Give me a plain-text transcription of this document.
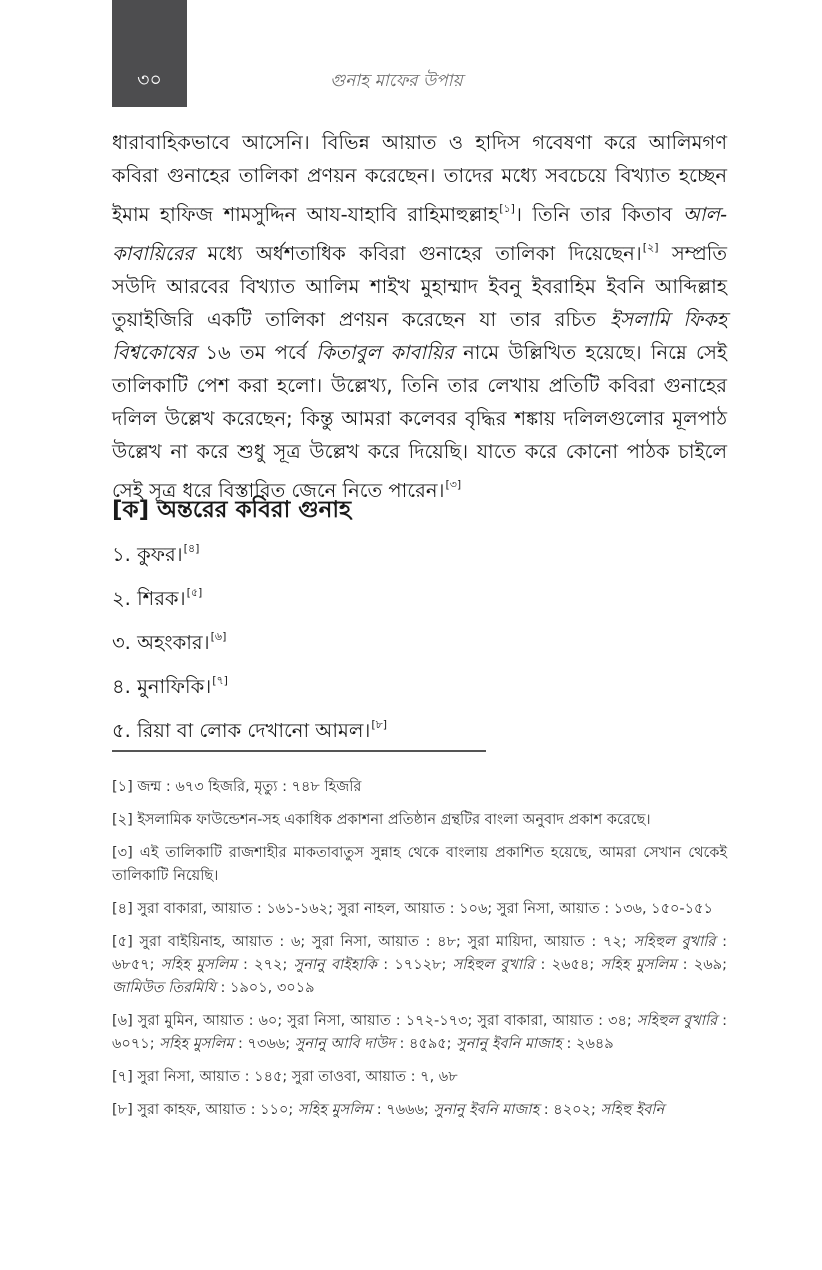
৩০	গুনাহ মাফের উপায়

ধারাবাহিকভাবে আসেনি। বিভিন্ন আয়াত ও হাদিস গবেষণা করে আলিমগণ কবিরা গুনাহের তালিকা প্রণয়ন করেছেন। তাদের মধ্যে সবচেয়ে বিখ্যাত হচ্ছেন ইমাম হাফিজ শামসুদ্দিন আয-যাহাবি রাহিমাহুল্লাহ[১]। তিনি তার কিতাব আল-কাবায়িরের মধ্যে অর্ধশতাধিক কবিরা গুনাহের তালিকা দিয়েছেন।[২] সম্প্রতি সউদি আরবের বিখ্যাত আলিম শাইখ মুহাম্মাদ ইবনু ইবরাহিম ইবনি আব্দিল্লাহ তুয়াইজিরি একটি তালিকা প্রণয়ন করেছেন যা তার রচিত ইসলামি ফিকহ বিশ্বকোষের ১৬ তম পর্বে কিতাবুল কাবায়ির নামে উল্লিখিত হয়েছে। নিম্নে সেই তালিকাটি পেশ করা হলো। উল্লেখ্য, তিনি তার লেখায় প্রতিটি কবিরা গুনাহের দলিল উল্লেখ করেছেন; কিন্তু আমরা কলেবর বৃদ্ধির শঙ্কায় দলিলগুলোর মূলপাঠ উল্লেখ না করে শুধু সূত্র উল্লেখ করে দিয়েছি। যাতে করে কোনো পাঠক চাইলে সেই সূত্র ধরে বিস্তারিত জেনে নিতে পারেন।[৩]

[ক] অন্তরের কবিরা গুনাহ
১. কুফর।[৪]
২. শিরক।[৫]
৩. অহংকার।[৬]
৪. মুনাফিকি।[৭]
৫. রিয়া বা লোক দেখানো আমল।[৮]

[১] জন্ম : ৬৭৩ হিজরি, মৃত্যু : ৭৪৮ হিজরি

[২] ইসলামিক ফাউন্ডেশন-সহ একাধিক প্রকাশনা প্রতিষ্ঠান গ্রন্থটির বাংলা অনুবাদ প্রকাশ করেছে।

[৩] এই তালিকাটি রাজশাহীর মাকতাবাতুস সুন্নাহ থেকে বাংলায় প্রকাশিত হয়েছে, আমরা সেখান থেকেই তালিকাটি নিয়েছি।

[৪] সুরা বাকারা, আয়াত : ১৬১-১৬২; সুরা নাহল, আয়াত : ১০৬; সুরা নিসা, আয়াত : ১৩৬, ১৫০-১৫১

[৫] সুরা বাইয়িনাহ, আয়াত : ৬; সুরা নিসা, আয়াত : ৪৮; সুরা মায়িদা, আয়াত : ৭২; সহিহুল বুখারি : ৬৮৫৭; সহিহ মুসলিম : ২৭২; সুনানু বাইহাকি : ১৭১২৮; সহিহুল বুখারি : ২৬৫৪; সহিহ মুসলিম : ২৬৯; জামিউত তিরমিযি : ১৯০১, ৩০১৯

[৬] সুরা মুমিন, আয়াত : ৬০; সুরা নিসা, আয়াত : ১৭২-১৭৩; সুরা বাকারা, আয়াত : ৩৪; সহিহুল বুখারি : ৬০৭১; সহিহ মুসলিম : ৭৩৬৬; সুনানু আবি দাউদ : ৪৫৯৫; সুনানু ইবনি মাজাহ : ২৬৪৯

[৭] সুরা নিসা, আয়াত : ১৪৫; সুরা তাওবা, আয়াত : ৭, ৬৮

[৮] সুরা কাহফ, আয়াত : ১১০; সহিহ মুসলিম : ৭৬৬৬; সুনানু ইবনি মাজাহ : ৪২০২; সহিহু ইবনি
